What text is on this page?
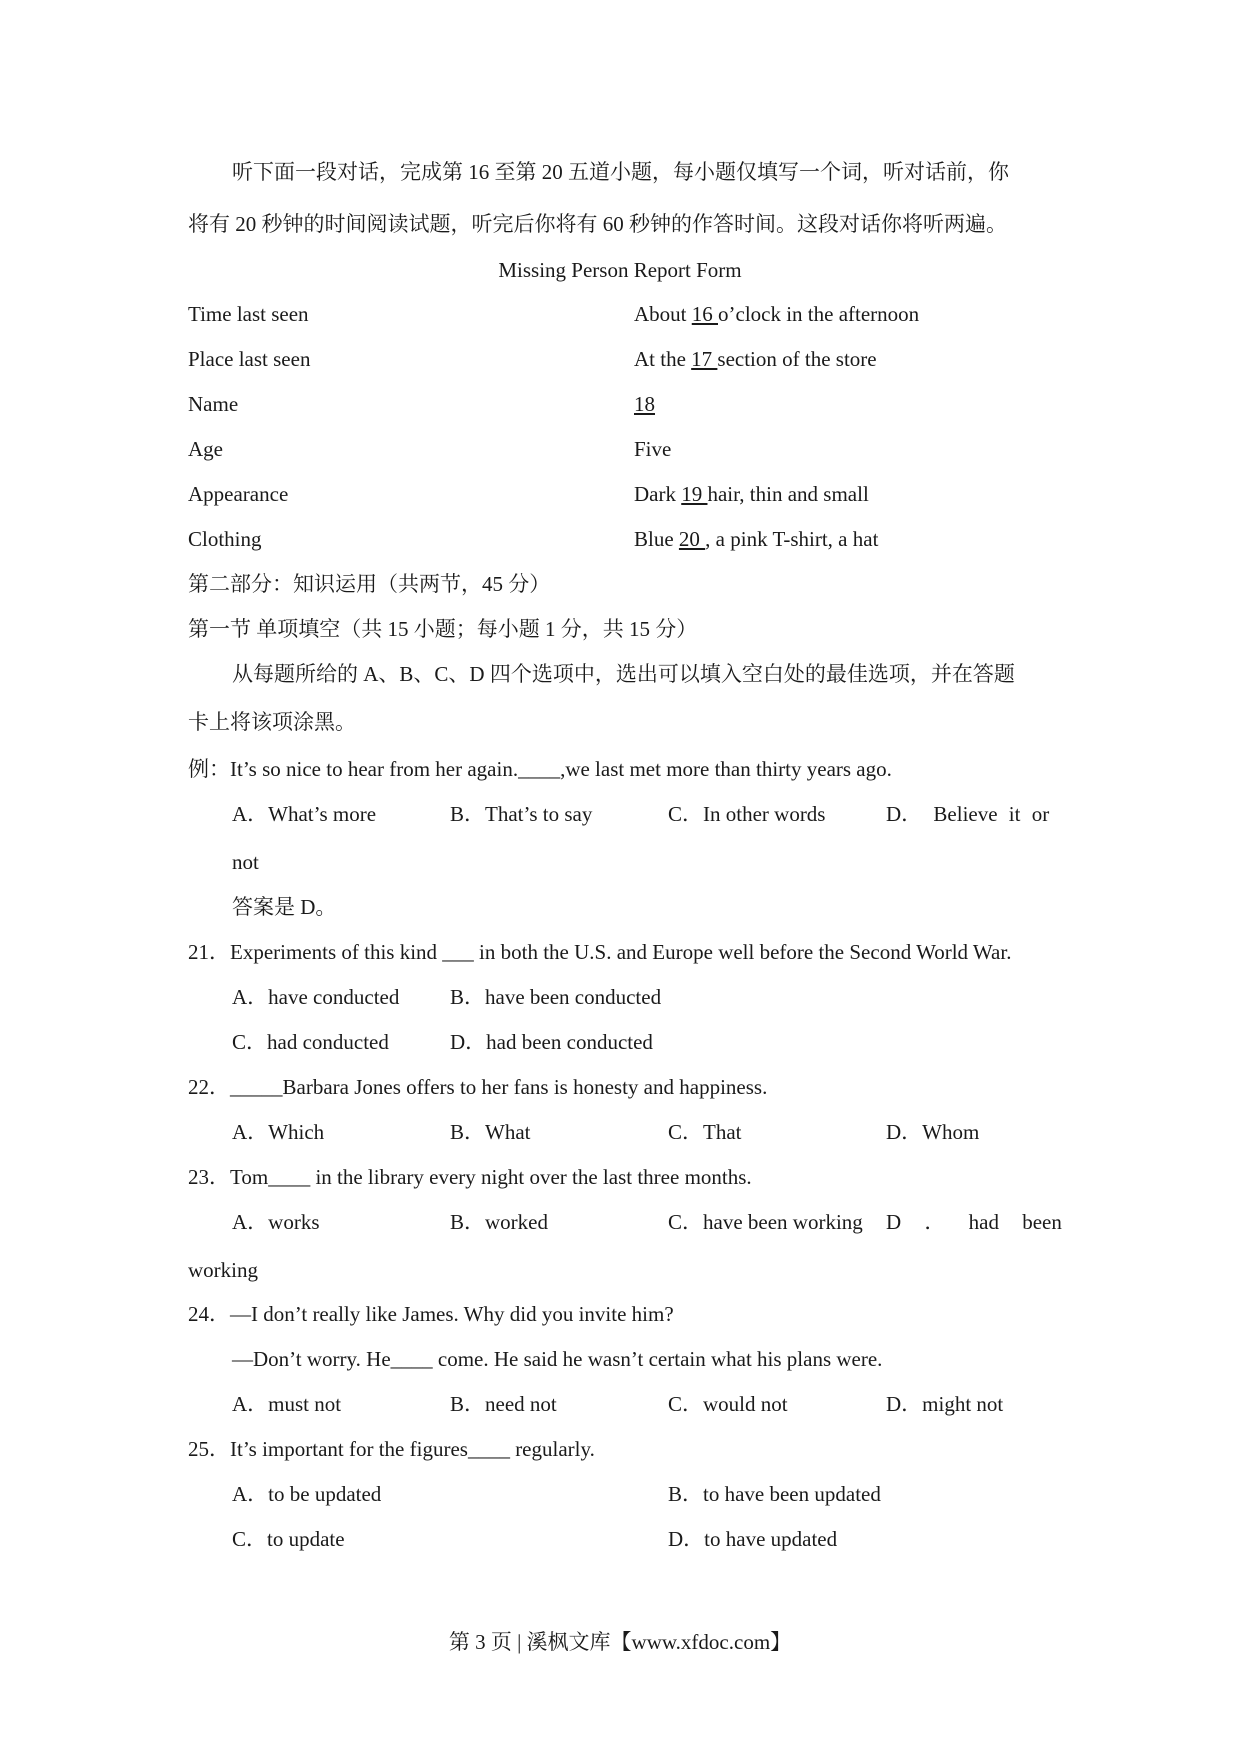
听下面一段对话，完成第 16 至第 20 五道小题，每小题仅填写一个词，听对话前，你
将有 20 秒钟的时间阅读试题，听完后你将有 60 秒钟的作答时间。这段对话你将听两遍。
Missing Person Report Form
Time last seen	About 16 o’clock in the afternoon
Place last seen	At the 17 section of the store
Name	18
Age	Five
Appearance	Dark 19 hair, thin and small
Clothing	Blue 20 , a pink T-shirt, a hat
第二部分：知识运用（共两节，45 分）
第一节 单项填空（共 15 小题；每小题 1 分，共 15 分）
从每题所给的 A、B、C、D 四个选项中，选出可以填入空白处的最佳选项，并在答题
卡上将该项涂黑。
例：It’s so nice to hear from her again.____,we last met more than thirty years ago.
A．What’s more	B．That’s to say	C．In other words	D． Believe it or
not
答案是 D。
21．Experiments of this kind ___ in both the U.S. and Europe well before the Second World War.
A．have conducted B．have been conducted
C．had conducted	D．had been conducted
22．_____Barbara Jones offers to her fans is honesty and happiness.
A．Which	B．What	C．That	D．Whom
23．Tom____ in the library every night over the last three months.
A．works	B．worked	C．have been working D ． had been
working
24．—I don’t really like James. Why did you invite him?
—Don’t worry. He____ come. He said he wasn’t certain what his plans were.
A．must not	B．need not	C．would not	D．might not
25．It’s important for the figures____ regularly.
A．to be updated	B．to have been updated
C．to update	D．to have updated
第 3 页 | 溪枫文库【www.xfdoc.com】
